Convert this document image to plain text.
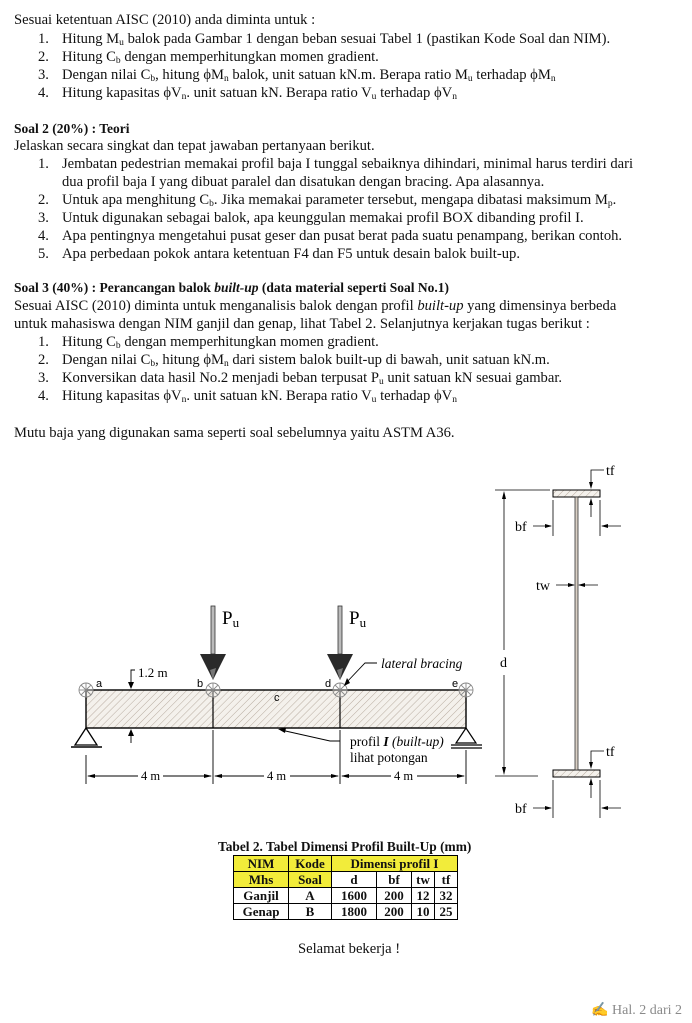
Sesuai ketentuan AISC (2010) anda diminta untuk :
1. Hitung $M_u$ balok pada Gambar 1 dengan beban sesuai Tabel 1 (pastikan Kode Soal dan NIM).
2. Hitung $C_b$ dengan memperhitungkan momen gradient.
3. Dengan nilai $C_b$, hitung $\phi M_n$ balok, unit satuan kN.m. Berapa ratio $M_u$ terhadap $\phi M_n$
4. Hitung kapasitas $\phi V_n$. unit satuan kN. Berapa ratio $V_u$ terhadap $\phi V_n$
Soal 2 (20%) : Teori
Jelaskan secara singkat dan tepat jawaban pertanyaan berikut.
1. Jembatan pedestrian memakai profil baja I tunggal sebaiknya dihindari, minimal harus terdiri dari
dua profil baja I yang dibuat paralel dan disatukan dengan bracing. Apa alasannya.
2. Untuk apa menghitung $C_b$. Jika memakai parameter tersebut, mengapa dibatasi maksimum $M_p$.
3. Untuk digunakan sebagai balok, apa keunggulan memakai profil BOX dibanding profil I.
4. Apa pentingnya mengetahui pusat geser dan pusat berat pada suatu penampang, berikan contoh.
5. Apa perbedaan pokok antara ketentuan F4 dan F5 untuk desain balok built-up.
Soal 3 (40%) : Perancangan balok built-up (data material seperti Soal No.1)
Sesuai AISC (2010) diminta untuk menganalisis balok dengan profil built-up yang dimensinya berbeda
untuk mahasiswa dengan NIM ganjil dan genap, lihat Tabel 2. Selanjutnya kerjakan tugas berikut :
1. Hitung $C_b$ dengan memperhitungkan momen gradient.
2. Dengan nilai $C_b$, hitung $\phi M_n$ dari sistem balok built-up di bawah, unit satuan kN.m.
3. Konversikan data hasil No.2 menjadi beban terpusat $P_u$ unit satuan kN sesuai gambar.
4. Hitung kapasitas $\phi V_n$. unit satuan kN. Berapa ratio $V_u$ terhadap $\phi V_n$
Mutu baja yang digunakan sama seperti soal sebelumnya yaitu ASTM A36.
Pu	Pu
1.2 m
a	b
c
d	e
lateral bracing
profil I (built-up)
lihat potongan
4 m	4 m	4 m
tf
bf
tw
d
tf
bf
Tabel 2. Tabel Dimensi Profil Built-Up (mm)
NIM	Kode	Dimensi profil I			
Mhs	Soal	d	bf	tw	tf
Ganjil	A	1600	200	12	32
Genap	B	1800	200	10	25
Selamat bekerja !
✍ Hal. 2 dari 2
